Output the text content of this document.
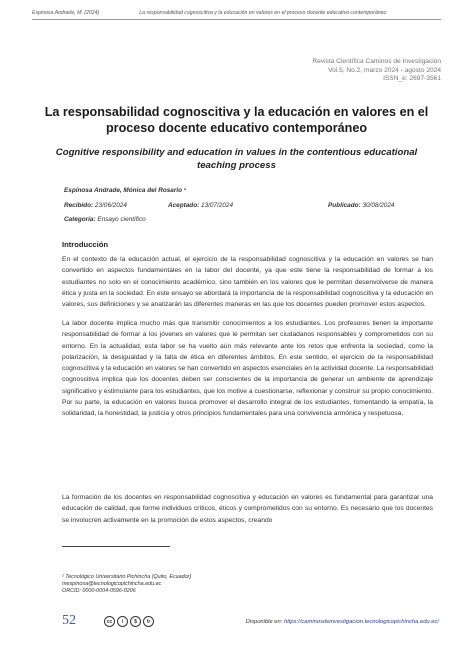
Espinosa Andrade, M. (2024)	La responsabilidad cognoscitiva y la educación en valores en el proceso docente educativo contemporáneo
Revista Científica Caminos de Investigación
Vol.5, No.2, marzo 2024 - agosto 2024
ISSN_e: 2697-3561
La responsabilidad cognoscitiva y la educación en valores en el proceso docente educativo contemporáneo
Cognitive responsibility and education in values in the contentious educational teaching process
Espinosa Andrade, Mónica del Rosario ¹
Recibido: 23/06/2024	Aceptado: 13/07/2024	Publicado: 30/08/2024
Categoría: Ensayo científico
Introducción
En el contexto de la educación actual, el ejercicio de la responsabilidad cognoscitiva y la educación en valores se han convertido en aspectos fundamentales en la labor del docente, ya que este tiene la responsabilidad de formar a los estudiantes no solo en el conocimiento académico, sino también en los valores que le permitan desenvolverse de manera ética y justa en la sociedad. En este ensayo se abordará la importancia de la responsabilidad cognoscitiva y la educación en valores, sus definiciones y se analizarán las diferentes maneras en las que los docentes pueden promover estos aspectos.
La labor docente implica mucho más que transmitir conocimientos a los estudiantes. Los profesores tienen la importante responsabilidad de formar a los jóvenes en valores que le permitan ser ciudadanos responsables y comprometidos con su entorno. En la actualidad, esta labor se ha vuelto aún más relevante ante los retos que enfrenta la sociedad, como la polarización, la desigualdad y la falta de ética en diferentes ámbitos. En este sentido, el ejercicio de la responsabilidad cognoscitiva y la educación en valores se han convertido en aspectos esenciales en la actividad docente. La responsabilidad cognoscitiva implica que los docentes deben ser conscientes de la importancia de generar un ambiente de aprendizaje significativo y estimulante para los estudiantes, que los motive a cuestionarse, reflexionar y construir su propio conocimiento. Por su parte, la educación en valores busca promover el desarrollo integral de los estudiantes, fomentando la empatía, la solidaridad, la honestidad, la justicia y otros principios fundamentales para una convivencia armónica y respetuosa.
La formación de los docentes en responsabilidad cognoscitiva y educación en valores es fundamental para garantizar una educación de calidad, que forme individuos críticos, éticos y comprometidos con su entorno. Es necesario que los docentes se involucren activamente en la promoción de estos aspectos, creando
¹ Tecnológico Universitario Pichincha (Quito, Ecuador)
mespinosa@tecnologicopichincha.edu.ec
ORCID: 0000-0004-0596-0206
52	cc	i	$	↻	Disponible en: https://caminosdeinvestigacion.tecnologicopichincha.edu.ec/
